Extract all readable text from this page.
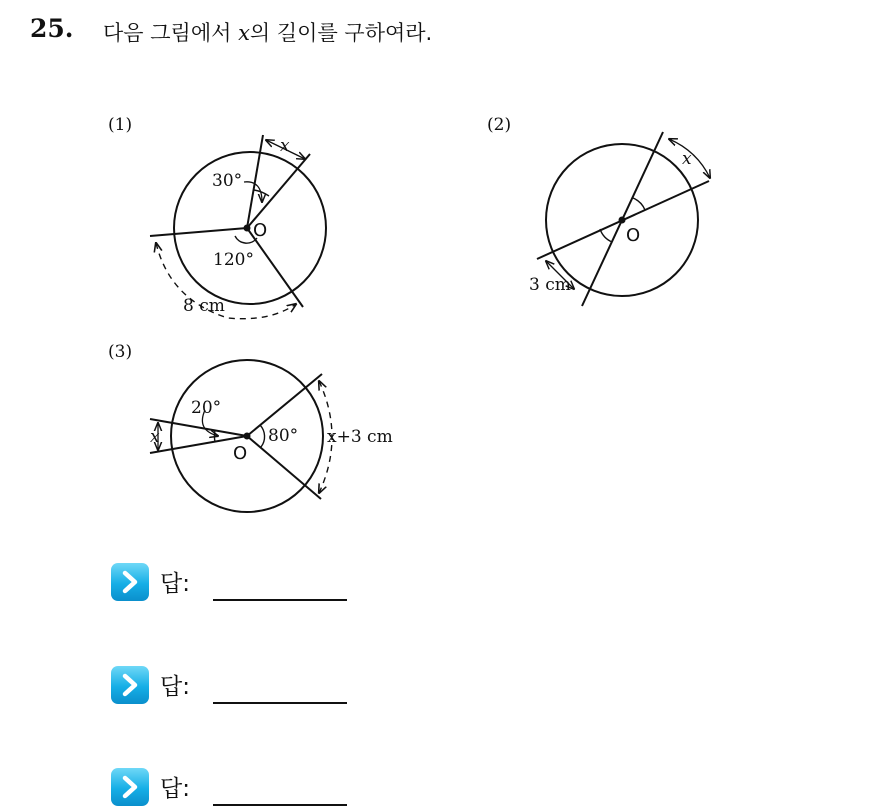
25. 다음 그림에서 x의 길이를 구하여라.
(1)
30°
120°
O
x
8 cm
(2)
O
x
3 cm
(3)
20°
80°
O
x	x+3 cm
답:
답:
답:
